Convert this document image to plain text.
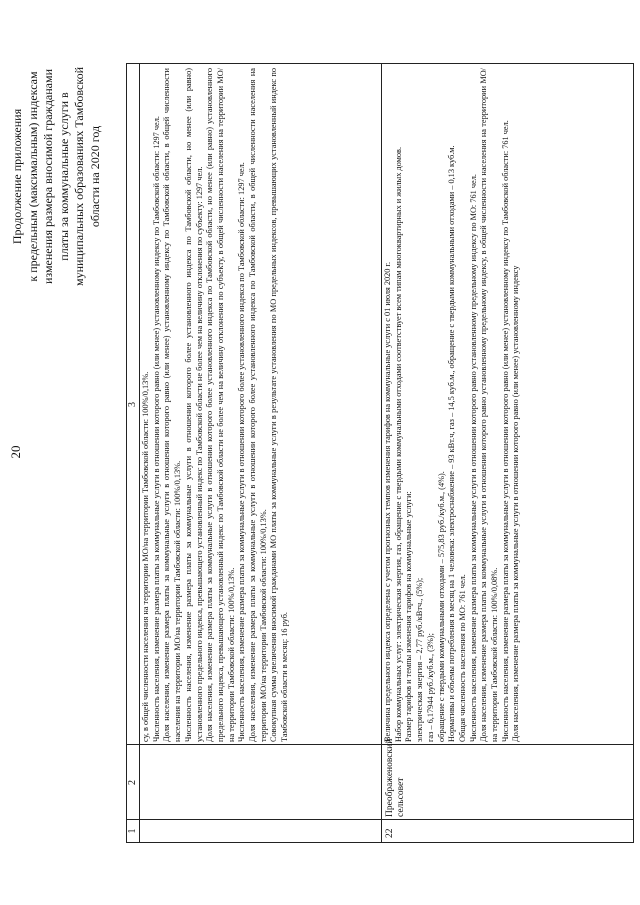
20
Продолжение приложения к предельным (максимальным) индексам изменения размера вносимой гражданами платы за коммунальные услуги в муниципальных образованиях Тамбовской области на 2020 год
1
2
3 су, в общей численности населения на территории МО/на территории Тамбовской области: 100%/0,13%. Численность населения, изменение размера платы за коммунальные услуги в отношении которого равно (или менее) установленному индексу по Тамбовской области: 1297 чел. Доля населения, изменение размера платы за коммунальные услуги в отношении которого равно (или менее) установленному индексу по Тамбовской области, в общей численности населения на территории МО/на территории Тамбовской области: 100%/0,13%. Численность населения, изменение размера платы за коммунальные услуги в отношении которого более установленного индекса по Тамбовской области, но менее (или равно) установленного предельного индекса, превышающего установленный индекс по Тамбовской области не более чем на величину отклонения по субъекту: 1297 чел. Доля населения, изменение размера платы за коммунальные услуги в отношении которого более установленного индекса по Тамбовской области, но менее (или равно) установленного предельного индекса, превышающего установленный индекс по Тамбовской области не более чем на величину отклонения по субъекту, в общей численности населения на территории МО/на территории Тамбовской области: 100%/0,13%. Численность населения, изменение размера платы за коммунальные услуги в отношении которого более установленного индекса по Тамбовской области: 1297 чел. Доля населения, изменение размера платы за коммунальные услуги в отношении которого более установленного индекса по Тамбовской области, в общей численности населения на территории МО/на территории Тамбовской области: 100%/0,13%. Совокупная сумма увеличения вносимой гражданами МО платы за коммунальные услуги в результате установления по МО предельных индексов, превышающих установленный индекс по Тамбовской области в месяц: 16 руб.

22
Преображеновский сельсовет

Величина предельного индекса определена с учетом прогнозных темпов изменения тарифов на коммунальные услуги с 01 июля 2020 г. Набор коммунальных услуг: электрическая энергия, газ, обращение с твердыми коммунальными отходами соответствует всем типам многоквартирных и жилых домов. Размер тарифов и темпы изменения тарифов на коммунальные услуги: электрическая энергия – 2,77 руб./кВтч., (5%); газ – 6,17944 руб./куб.м., (3%); обращение с твердыми коммунальными отходами – 575,83 руб./куб.м., (4%). Нормативы и объемы потребления в месяц на 1 человека: электроснабжение – 93 кВт.ч, газ – 14,5 куб.м., обращение с твердыми коммунальными отходами – 0,13 куб.м. Общая численность населения по МО: 761 чел. Численность населения, изменение размера платы за коммунальные услуги в отношении которого равно установленному предельному индексу по МО: 761 чел. Доля населения, изменение размера платы за коммунальные услуги в отношении которого равно установленному предельному индексу, в общей численности населения на территории МО/на территории Тамбовской области: 100%/0,08%. Численность населения, изменение размера платы за коммунальные услуги в отношении которого равно (или менее) установленному индексу по Тамбовской области: 761 чел. Доля населения, изменение размера платы за коммунальные услуги в отношении которого равно (или менее) установленному индексу
